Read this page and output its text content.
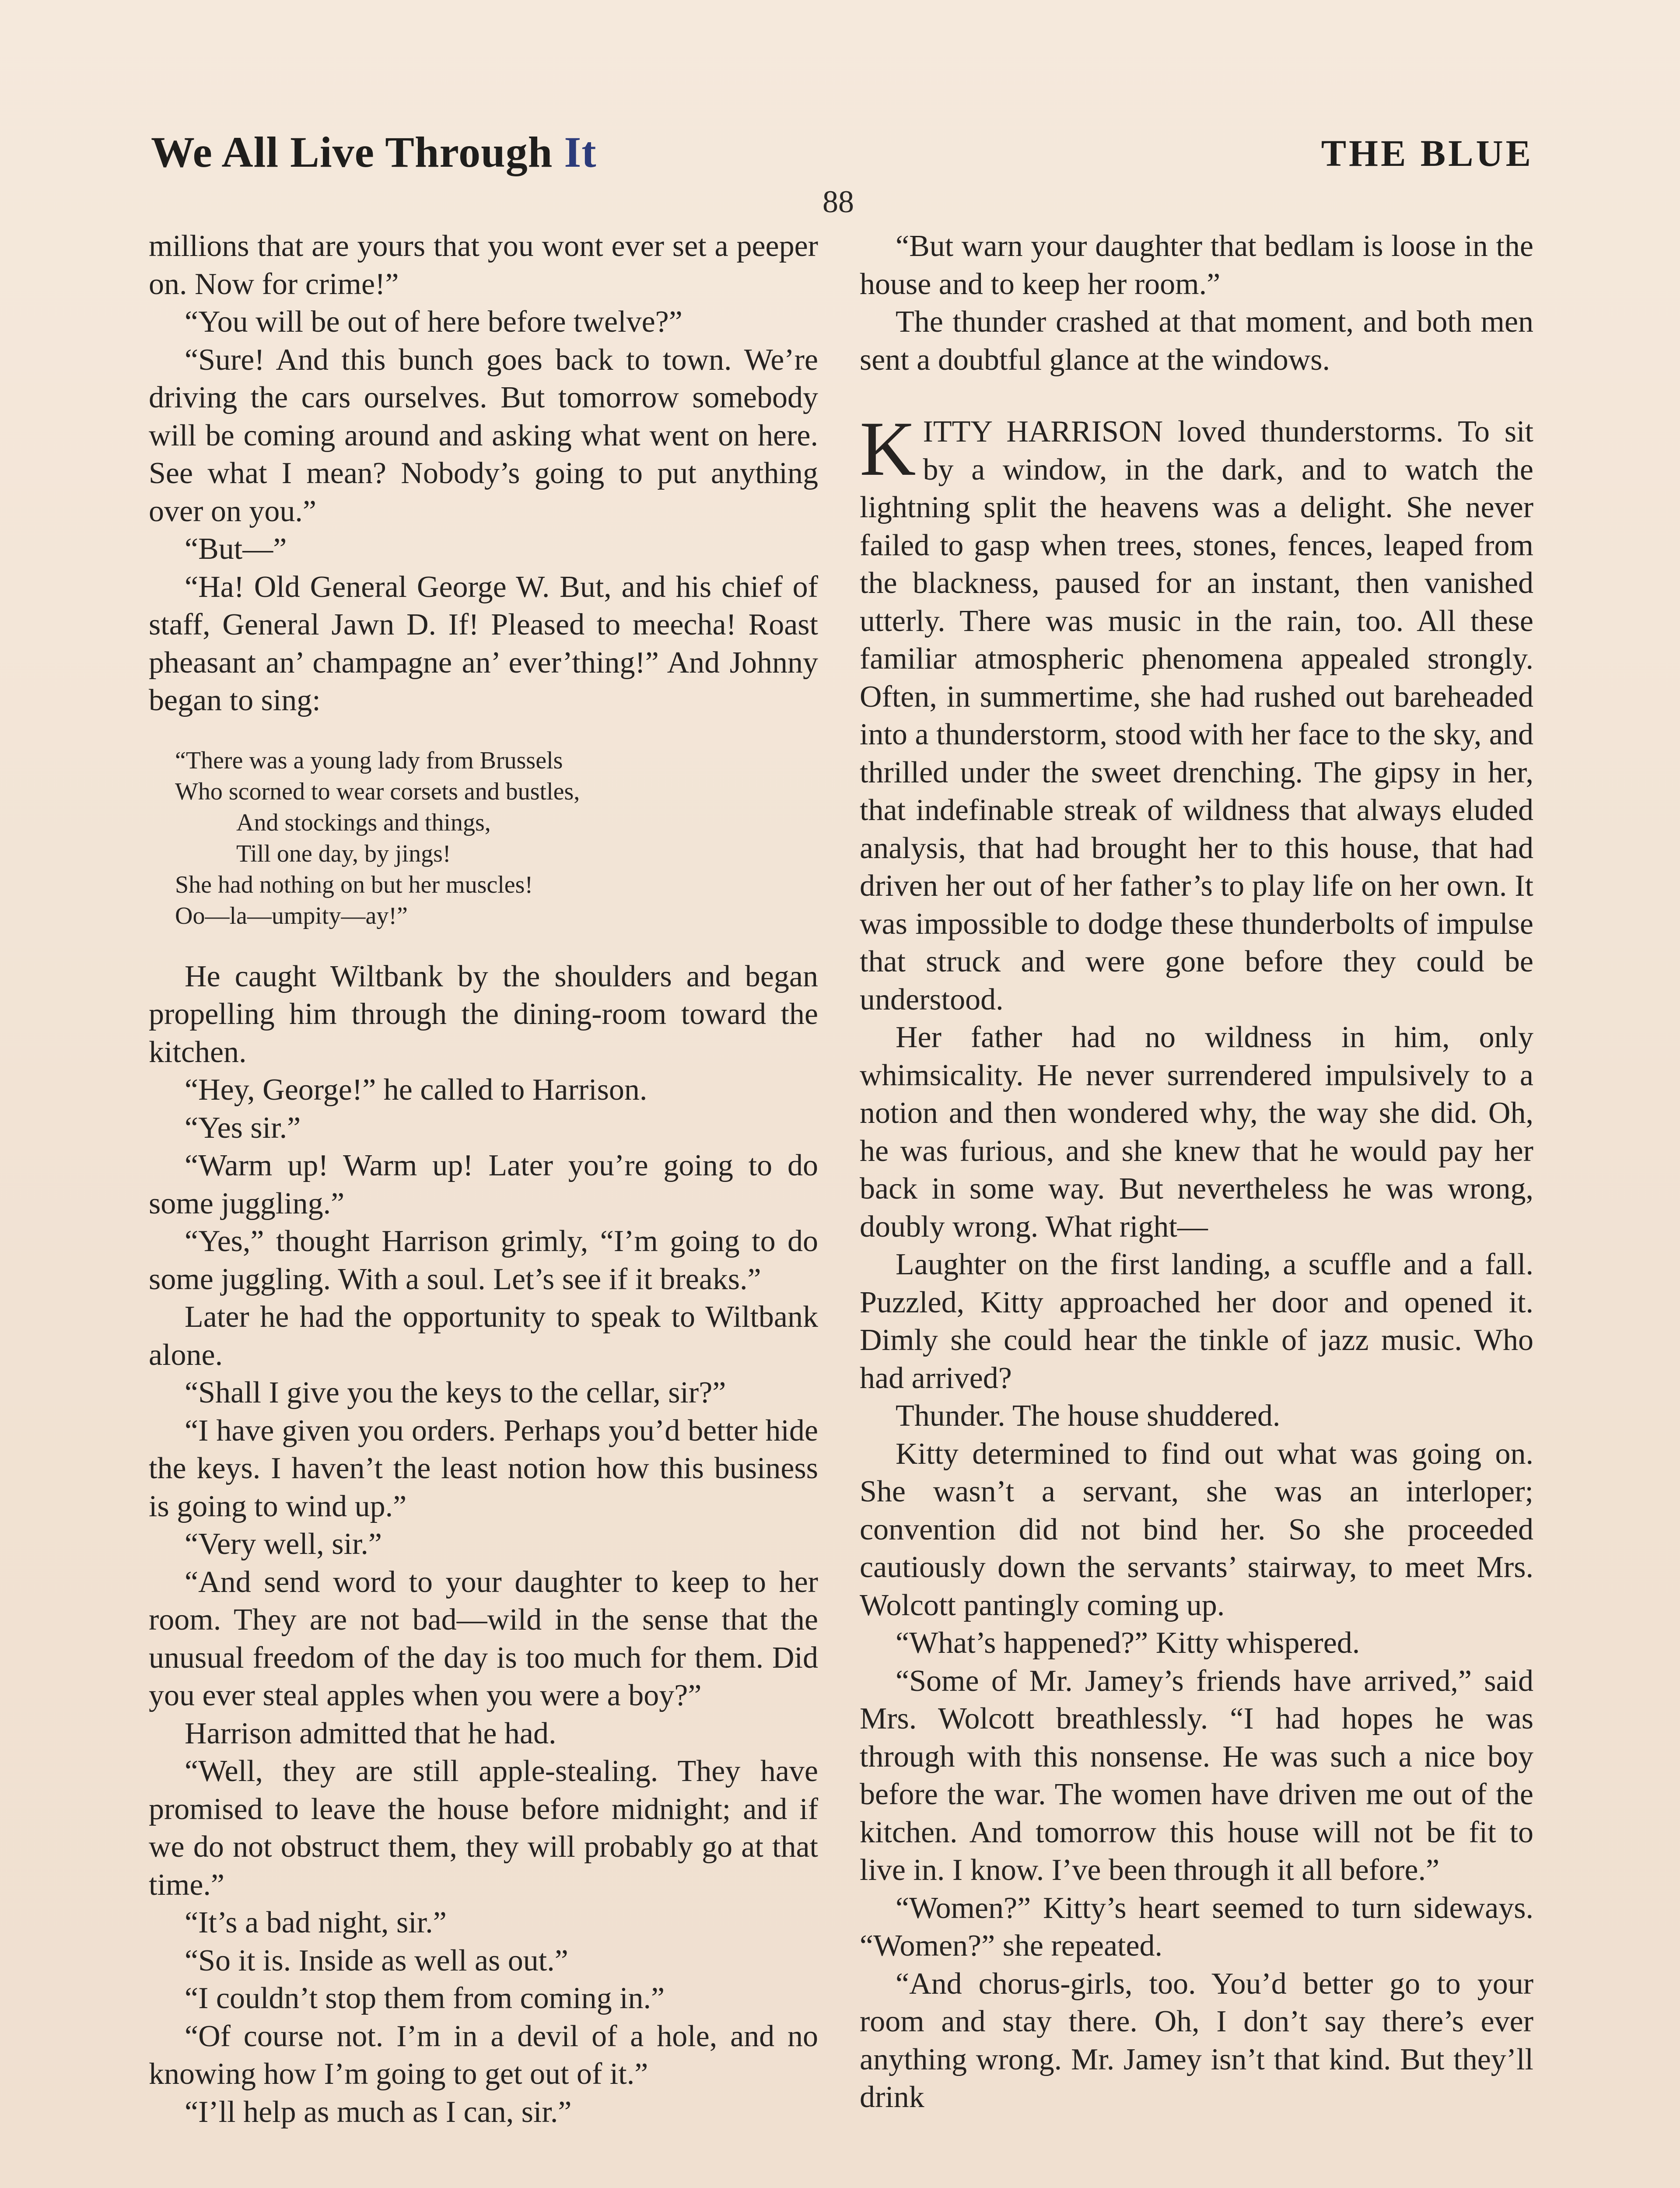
We All Live Through It	THE BLUE
88

millions that are yours that you wont ever set a peeper on. Now for crime!”

“You will be out of here before twelve?”

“Sure! And this bunch goes back to town. We’re driving the cars ourselves. But tomorrow somebody will be coming around and asking what went on here. See what I mean? Nobody’s going to put anything over on you.”

“But—”

“Ha! Old General George W. But, and his chief of staff, General Jawn D. If! Pleased to meecha! Roast pheasant an’ champagne an’ ever’thing!” And Johnny began to sing:

“There was a young lady from Brussels
Who scorned to wear corsets and bustles,
And stockings and things,
Till one day, by jings!
She had nothing on but her muscles!
Oo—la—umpity—ay!”

He caught Wiltbank by the shoulders and began propelling him through the dining-room toward the kitchen.

“Hey, George!” he called to Harrison.

“Yes sir.”

“Warm up! Warm up! Later you’re going to do some juggling.”

“Yes,” thought Harrison grimly, “I’m going to do some juggling. With a soul. Let’s see if it breaks.”

Later he had the opportunity to speak to Wiltbank alone.

“Shall I give you the keys to the cellar, sir?”

“I have given you orders. Perhaps you’d better hide the keys. I haven’t the least notion how this business is going to wind up.”

“Very well, sir.”

“And send word to your daughter to keep to her room. They are not bad—wild in the sense that the unusual freedom of the day is too much for them. Did you ever steal apples when you were a boy?”

Harrison admitted that he had.

“Well, they are still apple-stealing. They have promised to leave the house before midnight; and if we do not obstruct them, they will probably go at that time.”

“It’s a bad night, sir.”

“So it is. Inside as well as out.”

“I couldn’t stop them from coming in.”

“Of course not. I’m in a devil of a hole, and no knowing how I’m going to get out of it.”

“I’ll help as much as I can, sir.”

“But warn your daughter that bedlam is loose in the house and to keep her room.”

The thunder crashed at that moment, and both men sent a doubtful glance at the windows.

KITTY HARRISON loved thunderstorms. To sit by a window, in the dark, and to watch the lightning split the heavens was a delight. She never failed to gasp when trees, stones, fences, leaped from the blackness, paused for an instant, then vanished utterly. There was music in the rain, too. All these familiar atmospheric phenomena appealed strongly. Often, in summertime, she had rushed out bareheaded into a thunderstorm, stood with her face to the sky, and thrilled under the sweet drenching. The gipsy in her, that indefinable streak of wildness that always eluded analysis, that had brought her to this house, that had driven her out of her father’s to play life on her own. It was impossible to dodge these thunderbolts of impulse that struck and were gone before they could be understood.

Her father had no wildness in him, only whimsicality. He never surrendered impulsively to a notion and then wondered why, the way she did. Oh, he was furious, and she knew that he would pay her back in some way. But nevertheless he was wrong, doubly wrong. What right—

Laughter on the first landing, a scuffle and a fall. Puzzled, Kitty approached her door and opened it. Dimly she could hear the tinkle of jazz music. Who had arrived?

Thunder. The house shuddered.

Kitty determined to find out what was going on. She wasn’t a servant, she was an interloper; convention did not bind her. So she proceeded cautiously down the servants’ stairway, to meet Mrs. Wolcott pantingly coming up.

“What’s happened?” Kitty whispered.

“Some of Mr. Jamey’s friends have arrived,” said Mrs. Wolcott breathlessly. “I had hopes he was through with this nonsense. He was such a nice boy before the war. The women have driven me out of the kitchen. And tomorrow this house will not be fit to live in. I know. I’ve been through it all before.”

“Women?” Kitty’s heart seemed to turn sideways. “Women?” she repeated.

“And chorus-girls, too. You’d better go to your room and stay there. Oh, I don’t say there’s ever anything wrong. Mr. Jamey isn’t that kind. But they’ll drink
